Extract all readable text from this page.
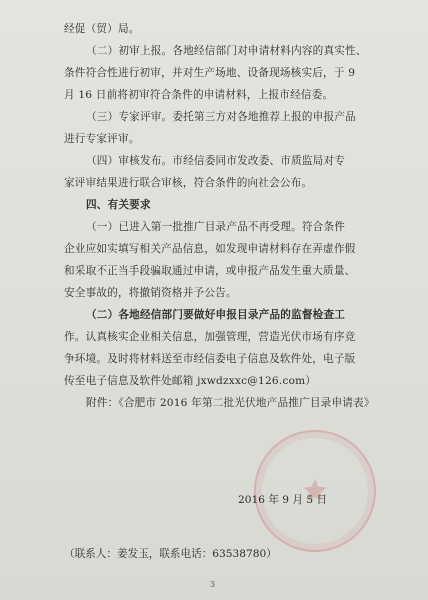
经促（贸）局。
（二）初审上报。各地经信部门对申请材料内容的真实性、
条件符合性进行初审，并对生产场地、设备现场核实后，于 9
月 16 日前将初审符合条件的申请材料，上报市经信委。
（三）专家评审。委托第三方对各地推荐上报的申报产品
进行专家评审。
（四）审核发布。市经信委同市发改委、市质监局对专
家评审结果进行联合审核，符合条件的向社会公布。
四、有关要求
（一）已进入第一批推广目录产品不再受理。符合条件
企业应如实填写相关产品信息，如发现申请材料存在弄虚作假
和采取不正当手段骗取通过申请，或申报产品发生重大质量、
安全事故的，将撤销资格并予公告。
（二）各地经信部门要做好申报目录产品的监督检查工
作。认真核实企业相关信息，加强管理，营造光伏市场有序竞
争环境。及时将材料送至市经信委电子信息及软件处，电子版
传至电子信息及软件处邮箱 jxwdzxxc@126.com）
附件：《合肥市 2016 年第二批光伏地产品推广目录申请表》
2016 年 9 月 5 日
（联系人：姜发玉，联系电话：63538780）
3
